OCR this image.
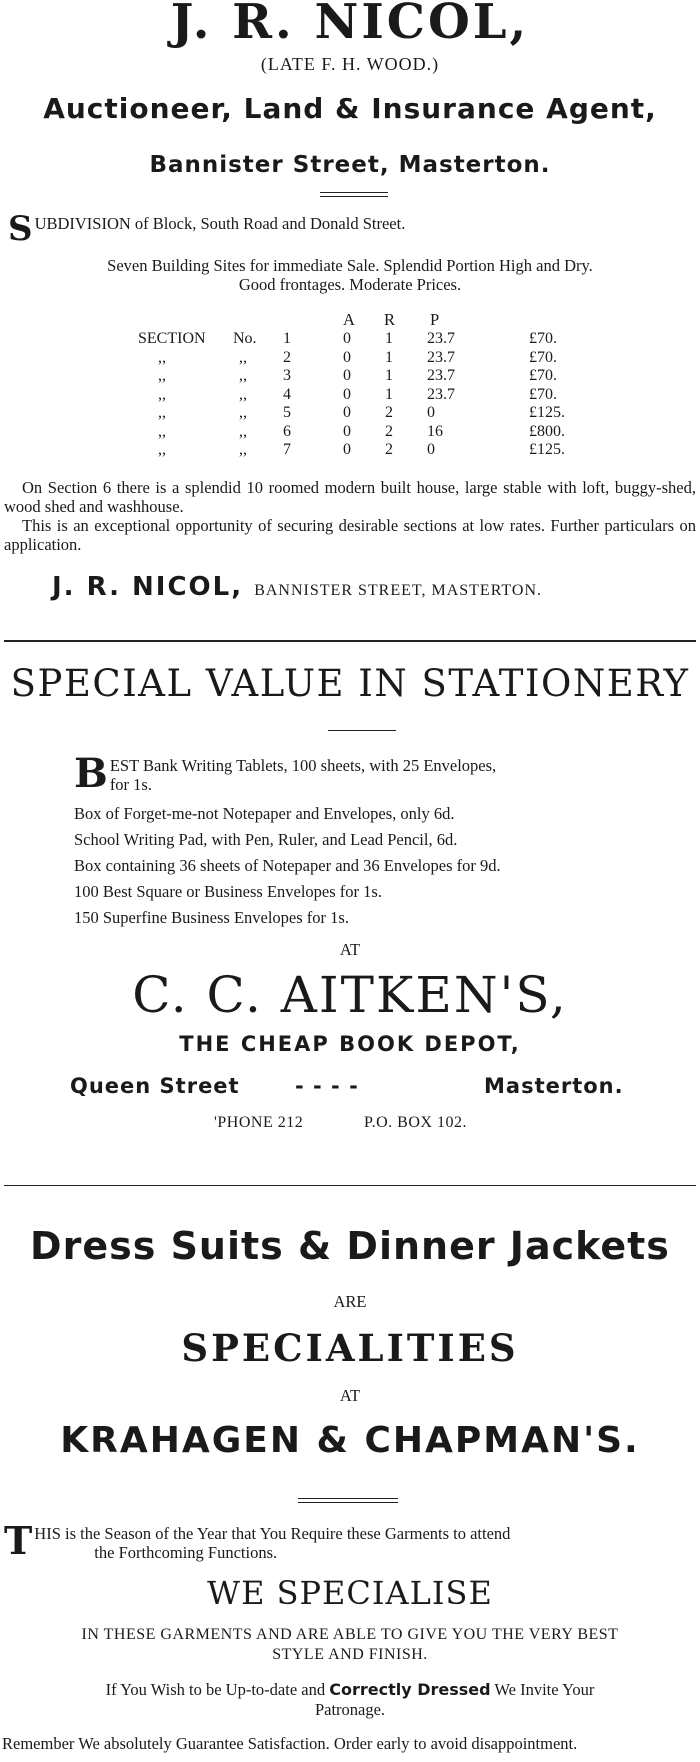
J. R. NICOL,
(LATE F. H. WOOD.)
Auctioneer, Land & Insurance Agent,
Bannister Street, Masterton.
S UBDIVISION of Block, South Road and Donald Street.
Seven Building Sites for immediate Sale. Splendid Portion High and Dry.
Good frontages. Moderate Prices.
A R P
SECTION	No.	1	0	1	23.7	£70.
,,	,,	2	0	1	23.7	£70.
,,	,,	3	0	1	23.7	£70.
,,	,,	4	0	1	23.7	£70.
,,	,,	5	0	2	0	£125.
,,	,,	6	0	2	16	£800.
,,	,,	7	0	2	0	£125.
On Section 6 there is a splendid 10 roomed modern built house, large stable with loft, buggy-shed, wood shed and washhouse.
This is an exceptional opportunity of securing desirable sections at low rates. Further particulars on application.
J. R. NICOL, BANNISTER STREET, MASTERTON.
SPECIAL VALUE IN STATIONERY
B EST Bank Writing Tablets, 100 sheets, with 25 Envelopes,
for 1s.
Box of Forget-me-not Notepaper and Envelopes, only 6d.
School Writing Pad, with Pen, Ruler, and Lead Pencil, 6d.
Box containing 36 sheets of Notepaper and 36 Envelopes for 9d.
100 Best Square or Business Envelopes for 1s.
150 Superfine Business Envelopes for 1s.
AT
C. C. AITKEN'S,
THE CHEAP BOOK DEPOT,
Queen Street	- - - -	Masterton.
'PHONE 212	P.O. BOX 102.
Dress Suits & Dinner Jackets
ARE
SPECIALITIES
AT
KRAHAGEN & CHAPMAN'S.
T HIS is the Season of the Year that You Require these Garments to attend
the Forthcoming Functions.
WE SPECIALISE
IN THESE GARMENTS AND ARE ABLE TO GIVE YOU THE VERY BEST
STYLE AND FINISH.
If You Wish to be Up-to-date and Correctly Dressed We Invite Your
Patronage.
Remember We absolutely Guarantee Satisfaction. Order early to avoid disappointment.
